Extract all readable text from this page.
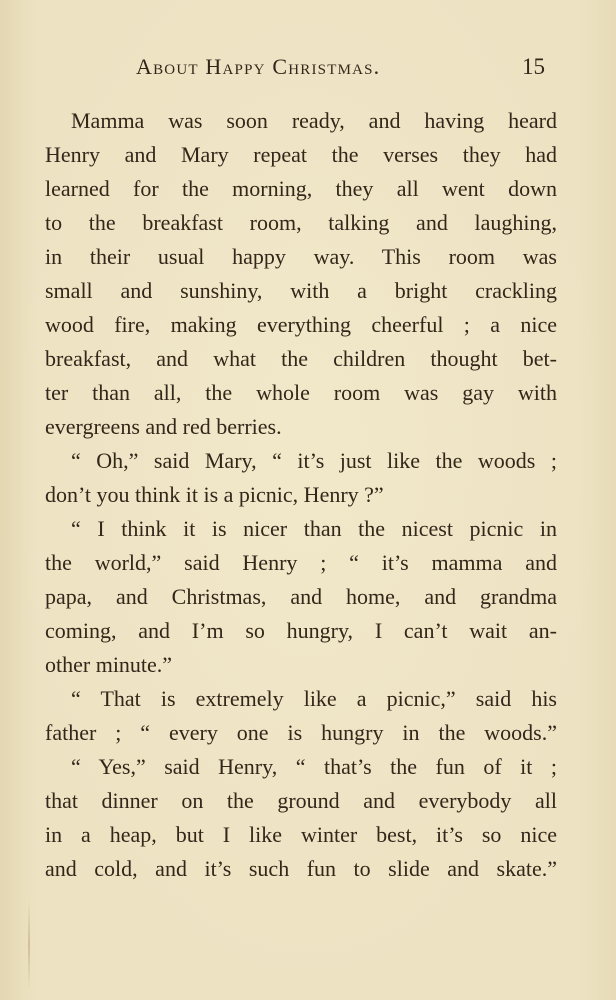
About Happy Christmas.	15
Mamma was soon ready, and having heard
Henry and Mary repeat the verses they had
learned for the morning, they all went down
to the breakfast room, talking and laughing,
in their usual happy way. This room was
small and sunshiny, with a bright crackling
wood fire, making everything cheerful ; a nice
breakfast, and what the children thought bet-
ter than all, the whole room was gay with
evergreens and red berries.
“ Oh,” said Mary, “ it’s just like the woods ;
don’t you think it is a picnic, Henry ?”
“ I think it is nicer than the nicest picnic in
the world,” said Henry ; “ it’s mamma and
papa, and Christmas, and home, and grandma
coming, and I’m so hungry, I can’t wait an-
other minute.”
“ That is extremely like a picnic,” said his
father ; “ every one is hungry in the woods.”
“ Yes,” said Henry, “ that’s the fun of it ;
that dinner on the ground and everybody all
in a heap, but I like winter best, it’s so nice
and cold, and it’s such fun to slide and skate.”
